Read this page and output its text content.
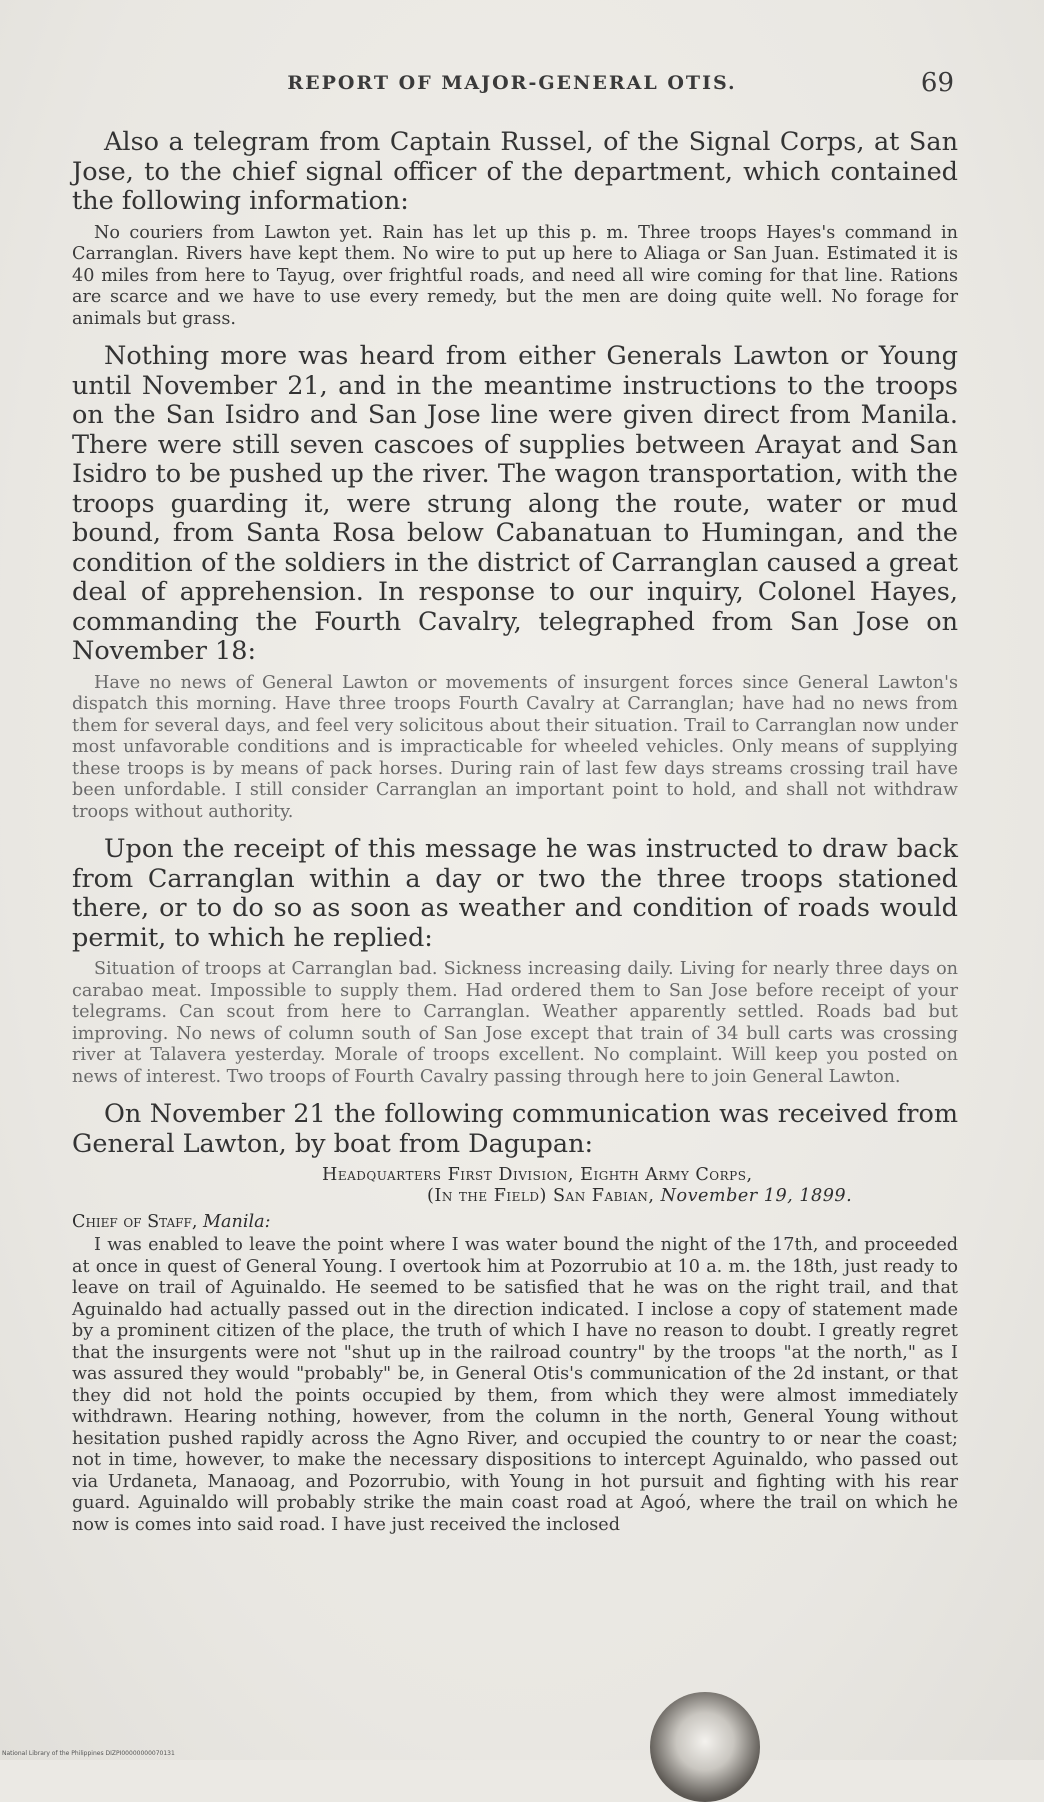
REPORT OF MAJOR-GENERAL OTIS.	69

Also a telegram from Captain Russel, of the Signal Corps, at San Jose, to the chief signal officer of the department, which contained the following information:

No couriers from Lawton yet. Rain has let up this p. m. Three troops Hayes's command in Carranglan. Rivers have kept them. No wire to put up here to Aliaga or San Juan. Estimated it is 40 miles from here to Tayug, over frightful roads, and need all wire coming for that line. Rations are scarce and we have to use every remedy, but the men are doing quite well. No forage for animals but grass.

Nothing more was heard from either Generals Lawton or Young until November 21, and in the meantime instructions to the troops on the San Isidro and San Jose line were given direct from Manila. There were still seven cascoes of supplies between Arayat and San Isidro to be pushed up the river. The wagon transportation, with the troops guarding it, were strung along the route, water or mud bound, from Santa Rosa below Cabanatuan to Humingan, and the condition of the soldiers in the district of Carranglan caused a great deal of apprehension. In response to our inquiry, Colonel Hayes, commanding the Fourth Cavalry, telegraphed from San Jose on November 18:

Have no news of General Lawton or movements of insurgent forces since General Lawton's dispatch this morning. Have three troops Fourth Cavalry at Carranglan; have had no news from them for several days, and feel very solicitous about their situation. Trail to Carranglan now under most unfavorable conditions and is impracticable for wheeled vehicles. Only means of supplying these troops is by means of pack horses. During rain of last few days streams crossing trail have been unfordable. I still consider Carranglan an important point to hold, and shall not withdraw troops without authority.

Upon the receipt of this message he was instructed to draw back from Carranglan within a day or two the three troops stationed there, or to do so as soon as weather and condition of roads would permit, to which he replied:

Situation of troops at Carranglan bad. Sickness increasing daily. Living for nearly three days on carabao meat. Impossible to supply them. Had ordered them to San Jose before receipt of your telegrams. Can scout from here to Carranglan. Weather apparently settled. Roads bad but improving. No news of column south of San Jose except that train of 34 bull carts was crossing river at Talavera yesterday. Morale of troops excellent. No complaint. Will keep you posted on news of interest. Two troops of Fourth Cavalry passing through here to join General Lawton.

On November 21 the following communication was received from General Lawton, by boat from Dagupan:

Headquarters First Division, Eighth Army Corps,
(In the Field) San Fabian, November 19, 1899.
Chief of Staff, Manila:

I was enabled to leave the point where I was water bound the night of the 17th, and proceeded at once in quest of General Young. I overtook him at Pozorrubio at 10 a. m. the 18th, just ready to leave on trail of Aguinaldo. He seemed to be satisfied that he was on the right trail, and that Aguinaldo had actually passed out in the direction indicated. I inclose a copy of statement made by a prominent citizen of the place, the truth of which I have no reason to doubt. I greatly regret that the insurgents were not "shut up in the railroad country" by the troops "at the north," as I was assured they would "probably" be, in General Otis's communication of the 2d instant, or that they did not hold the points occupied by them, from which they were almost immediately withdrawn. Hearing nothing, however, from the column in the north, General Young without hesitation pushed rapidly across the Agno River, and occupied the country to or near the coast; not in time, however, to make the necessary dispositions to intercept Aguinaldo, who passed out via Urdaneta, Manaoag, and Pozorrubio, with Young in hot pursuit and fighting with his rear guard. Aguinaldo will probably strike the main coast road at Agoó, where the trail on which he now is comes into said road. I have just received the inclosed

National Library of the Philippines DIZPI00000000070131
